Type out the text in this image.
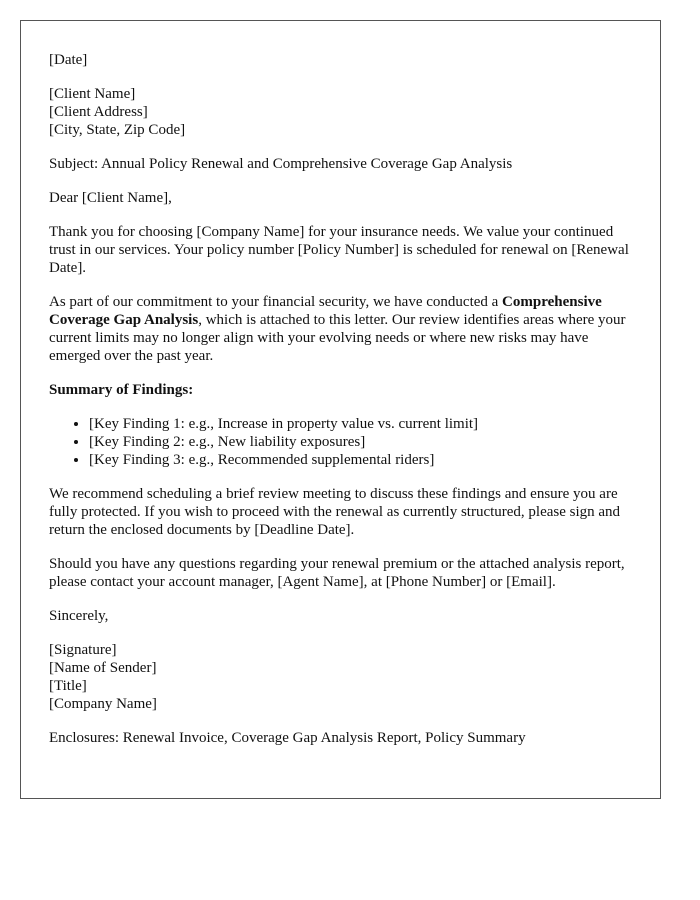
[Date]
[Client Name]
[Client Address]
[City, State, Zip Code]
Subject: Annual Policy Renewal and Comprehensive Coverage Gap Analysis
Dear [Client Name],

Thank you for choosing [Company Name] for your insurance needs. We value your continued trust in our services. Your policy number [Policy Number] is scheduled for renewal on [Renewal Date].

As part of our commitment to your financial security, we have conducted a Comprehensive Coverage Gap Analysis, which is attached to this letter. Our review identifies areas where your current limits may no longer align with your evolving needs or where new risks may have emerged over the past year.

Summary of Findings:
• [Key Finding 1: e.g., Increase in property value vs. current limit]
• [Key Finding 2: e.g., New liability exposures]
• [Key Finding 3: e.g., Recommended supplemental riders]

We recommend scheduling a brief review meeting to discuss these findings and ensure you are fully protected. If you wish to proceed with the renewal as currently structured, please sign and return the enclosed documents by [Deadline Date].

Should you have any questions regarding your renewal premium or the attached analysis report, please contact your account manager, [Agent Name], at [Phone Number] or [Email].

Sincerely,
[Signature]
[Name of Sender]
[Title]
[Company Name]
Enclosures: Renewal Invoice, Coverage Gap Analysis Report, Policy Summary
